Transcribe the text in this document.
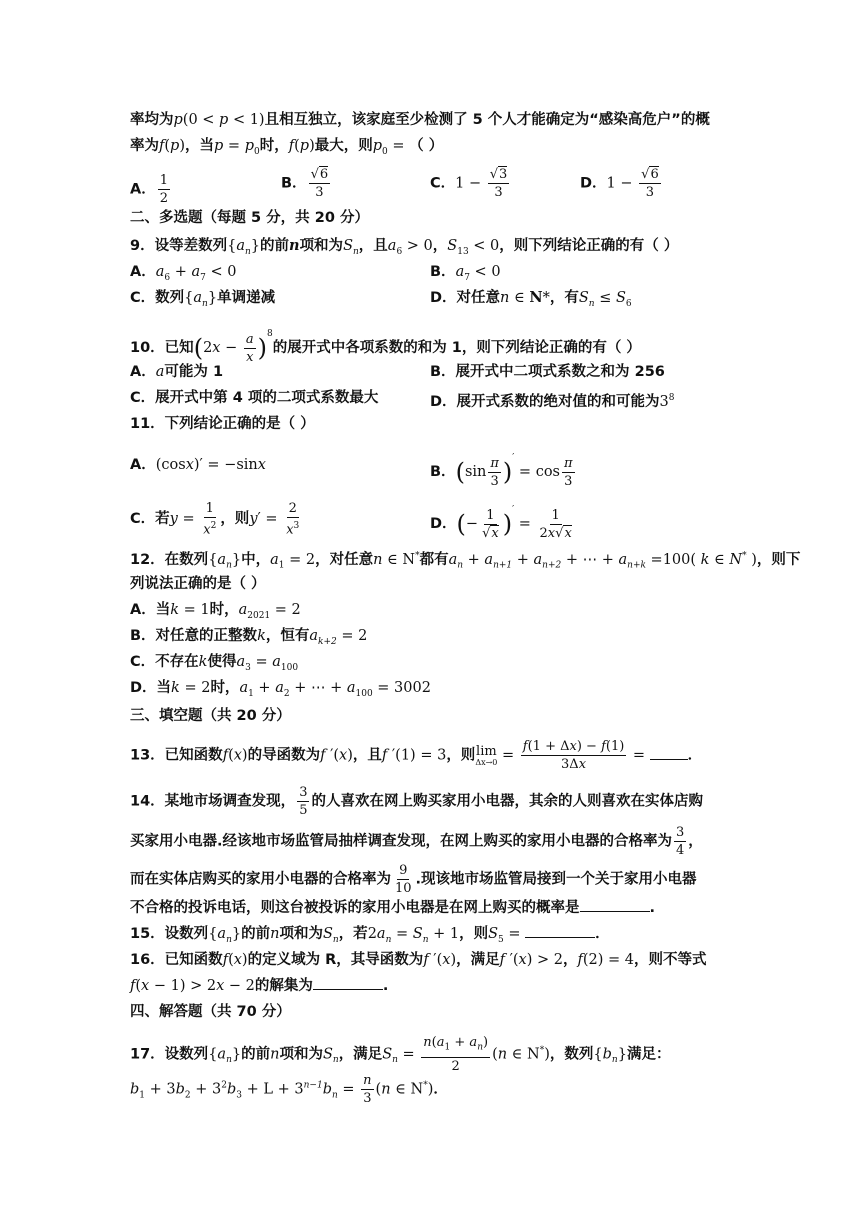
率均为p(0 < p < 1)且相互独立，该家庭至少检测了 5 个人才能确定为“感染高危户”的概
率为f(p)，当$p = p_0$时，f(p)最大，则$p_0$ = （ ）
A． $\frac{1}{2}$	B． $\frac{√6}{3}$	C．$1 - \frac{√3}{3}$	D．$1 - \frac{√6}{3}$
二、多选题（每题 5 分，共 20 分）
9．设等差数列$\{a_n\}$的前n项和为$S_n$，且$a_6 > 0$，$S_{13} < 0$，则下列结论正确的有（ ）
A．$a_6 + a_7 < 0$	B．$a_7 < 0$
C．数列$\{a_n\}$单调递减	D．对任意n ∈ N*，有$S_n \le S_6$
10．已知$(2x - \frac{a}{x} )^8$的展开式中各项系数的和为 1，则下列结论正确的有（ ）
A．a可能为 1	B．展开式中二项式系数之和为 256
C．展开式中第 4 项的二项式系数最大	D．展开式系数的绝对值的和可能为$3^8$
11．下列结论正确的是（ ）
A．(cosx)′ = −sinx	B．$(\sin \frac{\pi}{3} )' = \cos \frac{\pi}{3}$
C．若$y = \frac{1}{x^2}$ ，则$y' = \frac{2}{x^3}$	D．(− $\frac{1}{√x} )' = \frac{1}{2x√x}$
12．在数列$\{a_n\}$中，$a_1 = 2$，对任意n ∈ N*都有$a_n + a_{n+1} + a_{n+2}$ + ⋯ + $a_{n+k} =100$( k ∈ N* )，则下
列说法正确的是（ ）
A．当k = 1时，$a_{2021} = 2$
B．对任意的正整数k，恒有$a_{k+2} = 2$
C．不存在k使得$a_3 = a_{100}$
D．当k = 2时，$a_1 + a_2$ + ⋯ + $a_{100} = 3002$
三、填空题（共 20 分）
13．已知函数f(x)的导函数为f ′(x)，且f ′(1) = 3，则 lim
$\Delta x\to 0 = \frac{f(1 + \Delta x) - f(1)}{3\Delta x}$ =	．
14．某地市场调查发现， $\frac{3}{5}$ 的人喜欢在网上购买家用小电器，其余的人则喜欢在实体店购
买家用小电器.经该地市场监管局抽样调查发现，在网上购买的家用小电器的合格率为 $\frac{3}{4}$ ，
而在实体店购买的家用小电器的合格率为 $\frac{9}{10}$ .现该地市场监管局接到一个关于家用小电器
不合格的投诉电话，则这台被投诉的家用小电器是在网上购买的概率是	.
15．设数列$\{a_n\}$的前n项和为$S_n$，若$2a_n = S_n + 1$，则$S_5$ =	．
16．已知函数f(x)的定义域为 R，其导函数为f ′(x)，满足f ′(x) > 2，f(2) = 4，则不等式
f(x − 1) > 2x − 2的解集为	.
四、解答题（共 70 分）
17．设数列$\{a_n\}$的前n项和为$S_n$，满足$S_n = \frac{n(a_1 + a_n)}{2} (n$ ∈ N*)，数列$\{b_n\}$满足：
$b_1 + 3b_2 + 3^2b_3 + L + 3^{n-1}b_n = \frac{n}{3} (n$ ∈ N*)．
